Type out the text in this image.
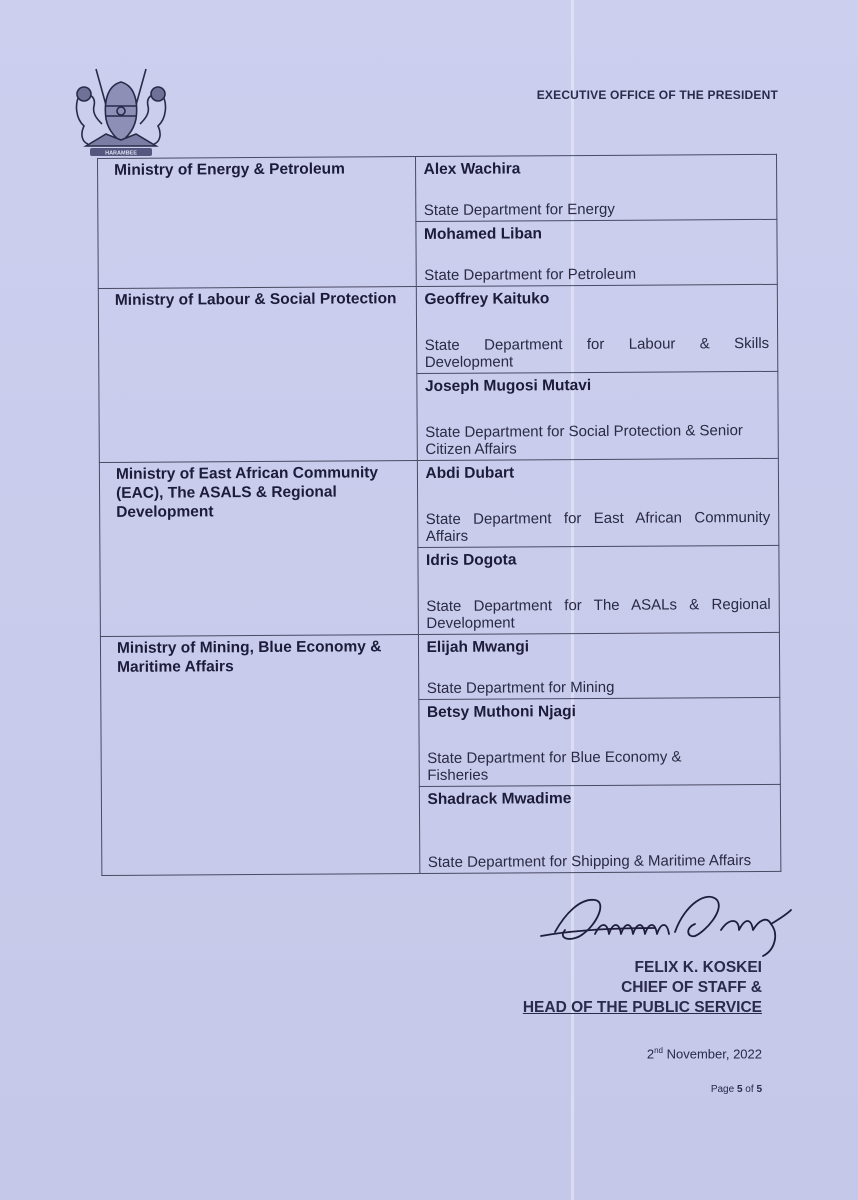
HARAMBEE
EXECUTIVE OFFICE OF THE PRESIDENT
Ministry of Energy & Petroleum	Alex Wachira
State Department for Energy

	Mohamed Liban
State Department for Petroleum

Ministry of Labour & Social Protection	Geoffrey Kaituko
State Department for Labour & Skills Development

	Joseph Mugosi Mutavi
State Department for Social Protection & Senior Citizen Affairs

Ministry of East African Community (EAC), The ASALS & Regional Development	Abdi Dubart
State Department for East African Community Affairs

	Idris Dogota
State Department for The ASALs & Regional Development

Ministry of Mining, Blue Economy & Maritime Affairs	Elijah Mwangi
State Department for Mining

	Betsy Muthoni Njagi
State Department for Blue Economy & Fisheries

	Shadrack Mwadime
State Department for Shipping & Maritime Affairs
FELIX K. KOSKEI
CHIEF OF STAFF &
HEAD OF THE PUBLIC SERVICE
2nd November, 2022
Page 5 of 5
